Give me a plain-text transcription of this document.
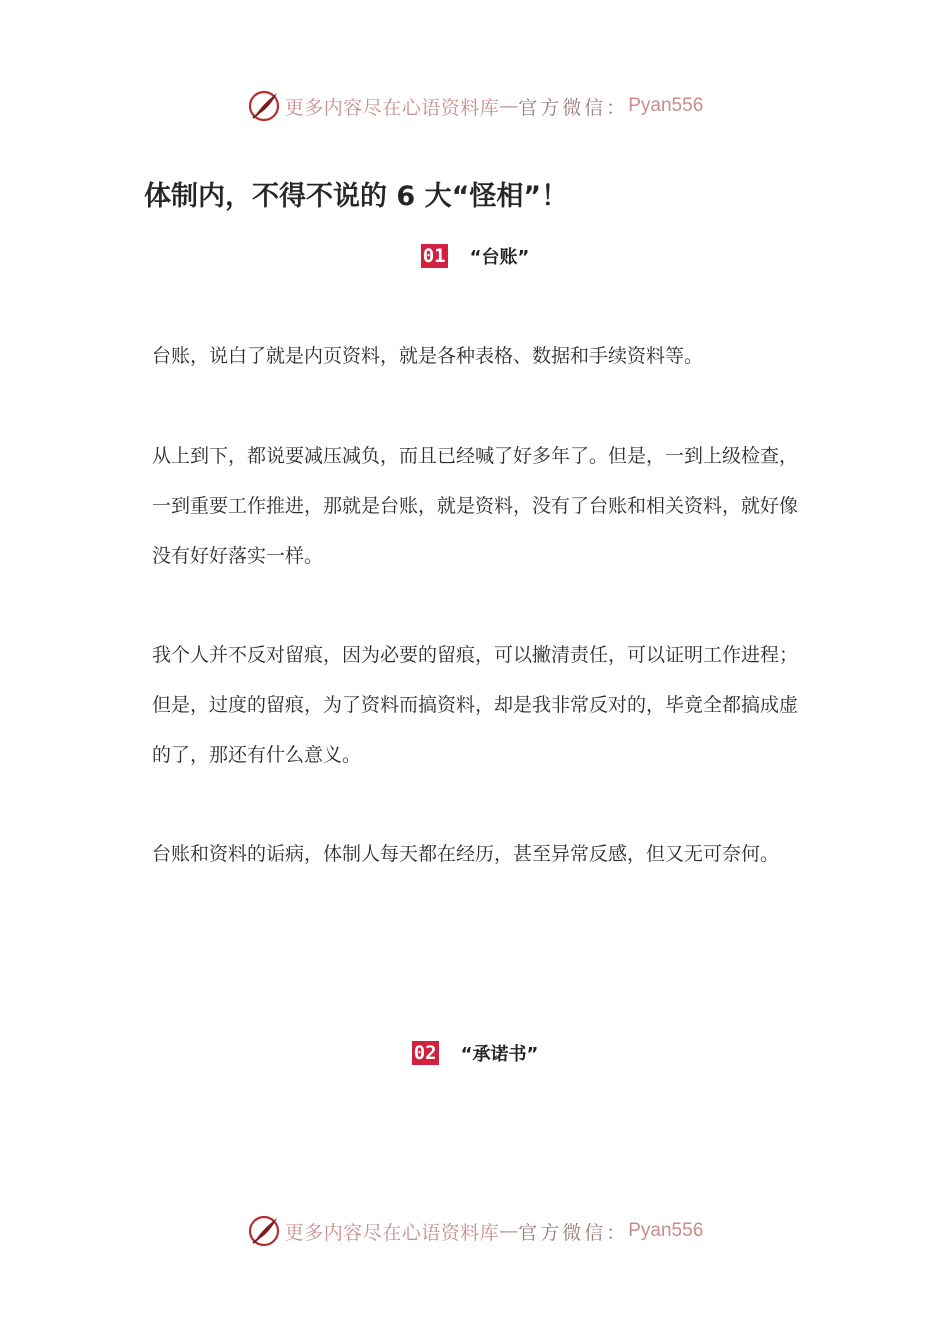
更多内容尽在心语资料库 — 官方微信： Pyan556
体制内，不得不说的 6 大“怪相”！
01 “台账”

台账，说白了就是内页资料，就是各种表格、数据和手续资料等。

从上到下，都说要减压减负，而且已经喊了好多年了。但是，一到上级检查，一到重要工作推进，那就是台账，就是资料，没有了台账和相关资料，就好像没有好好落实一样。

我个人并不反对留痕，因为必要的留痕，可以撇清责任，可以证明工作进程；但是，过度的留痕，为了资料而搞资料，却是我非常反对的，毕竟全都搞成虚的了，那还有什么意义。

台账和资料的诟病，体制人每天都在经历，甚至异常反感，但又无可奈何。

02 “承诺书”
更多内容尽在心语资料库 — 官方微信： Pyan556
